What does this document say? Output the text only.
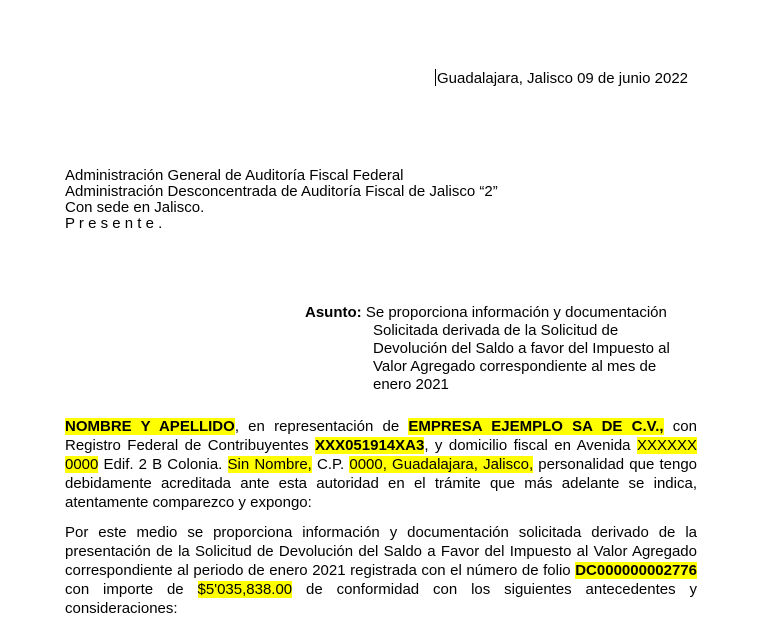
Guadalajara, Jalisco 09 de junio 2022
Administración General de Auditoría Fiscal Federal
Administración Desconcentrada de Auditoría Fiscal de Jalisco “2”
Con sede en Jalisco.
P r e s e n t e .
Asunto: Se proporciona información y documentación
Solicitada derivada de la Solicitud de
Devolución del Saldo a favor del Impuesto al
Valor Agregado correspondiente al mes de
enero 2021
NOMBRE Y APELLIDO, en representación de EMPRESA EJEMPLO SA DE C.V., con
Registro Federal de Contribuyentes XXX051914XA3, y domicilio fiscal en Avenida XXXXXX
0000 Edif. 2 B Colonia. Sin Nombre, C.P. 0000, Guadalajara, Jalisco, personalidad que tengo
debidamente acreditada ante esta autoridad en el trámite que más adelante se indica,
atentamente comparezco y expongo:
Por este medio se proporciona información y documentación solicitada derivado de la
presentación de la Solicitud de Devolución del Saldo a Favor del Impuesto al Valor Agregado
correspondiente al periodo de enero 2021 registrada con el número de folio DC000000002776
con importe de $5'035,838.00 de conformidad con los siguientes antecedentes y
consideraciones:
